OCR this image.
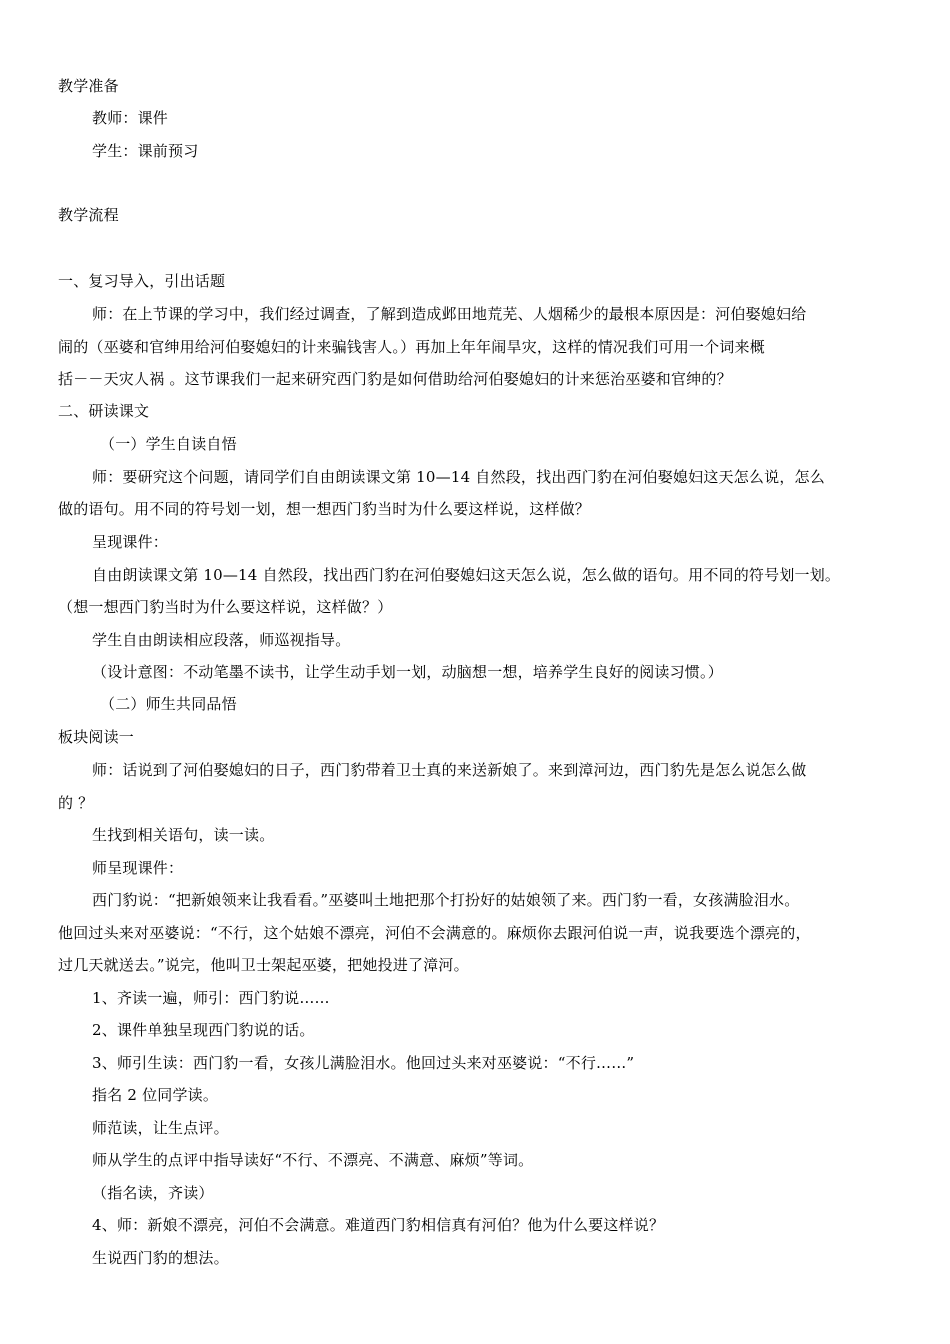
教学准备
教师：课件
学生：课前预习
教学流程
一、复习导入，引出话题
师：在上节课的学习中，我们经过调查，了解到造成邺田地荒芜、人烟稀少的最根本原因是：河伯娶媳妇给
闹的（巫婆和官绅用给河伯娶媳妇的计来骗钱害人。）再加上年年闹旱灾，这样的情况我们可用一个词来概
括－－天灾人祸 。这节课我们一起来研究西门豹是如何借助给河伯娶媳妇的计来惩治巫婆和官绅的？
二、研读课文
（一）学生自读自悟
师：要研究这个问题，请同学们自由朗读课文第 10—14 自然段，找出西门豹在河伯娶媳妇这天怎么说，怎么
做的语句。用不同的符号划一划，想一想西门豹当时为什么要这样说，这样做？
呈现课件：
自由朗读课文第 10—14 自然段，找出西门豹在河伯娶媳妇这天怎么说，怎么做的语句。用不同的符号划一划。
（想一想西门豹当时为什么要这样说，这样做？）
学生自由朗读相应段落，师巡视指导。
（设计意图：不动笔墨不读书，让学生动手划一划，动脑想一想，培养学生良好的阅读习惯。）
（二）师生共同品悟
板块阅读一
师：话说到了河伯娶媳妇的日子，西门豹带着卫士真的来送新娘了。来到漳河边，西门豹先是怎么说怎么做
的 ？
生找到相关语句，读一读。
师呈现课件：
西门豹说：“把新娘领来让我看看。”巫婆叫土地把那个打扮好的姑娘领了来。西门豹一看，女孩满脸泪水。
他回过头来对巫婆说：“不行，这个姑娘不漂亮，河伯不会满意的。麻烦你去跟河伯说一声，说我要选个漂亮的，
过几天就送去。”说完，他叫卫士架起巫婆，把她投进了漳河。
1、齐读一遍，师引：西门豹说……
2、课件单独呈现西门豹说的话。
3、师引生读：西门豹一看，女孩儿满脸泪水。他回过头来对巫婆说：“不行……”
指名 2 位同学读。
师范读，让生点评。
师从学生的点评中指导读好“不行、不漂亮、不满意、麻烦”等词。
（指名读，齐读）
4、师：新娘不漂亮，河伯不会满意。难道西门豹相信真有河伯？他为什么要这样说？
生说西门豹的想法。
